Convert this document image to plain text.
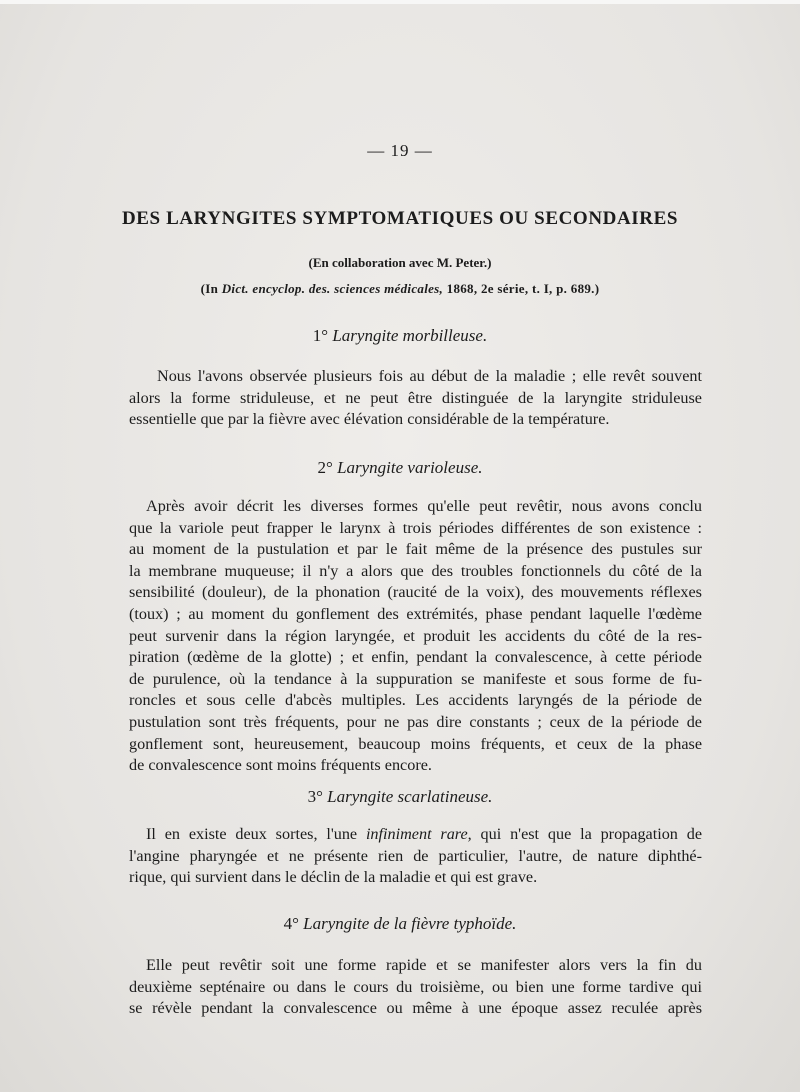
— 19 —
DES LARYNGITES SYMPTOMATIQUES OU SECONDAIRES
(En collaboration avec M. Peter.)
(In Dict. encyclop. des. sciences médicales, 1868, 2e série, t. I, p. 689.)
1° Laryngite morbilleuse.
Nous l'avons observée plusieurs fois au début de la maladie ; elle revêt souvent
alors la forme striduleuse, et ne peut être distinguée de la laryngite striduleuse
essentielle que par la fièvre avec élévation considérable de la température.
2° Laryngite varioleuse.
Après avoir décrit les diverses formes qu'elle peut revêtir, nous avons conclu
que la variole peut frapper le larynx à trois périodes différentes de son existence :
au moment de la pustulation et par le fait même de la présence des pustules sur
la membrane muqueuse; il n'y a alors que des troubles fonctionnels du côté de la
sensibilité (douleur), de la phonation (raucité de la voix), des mouvements réflexes
(toux) ; au moment du gonflement des extrémités, phase pendant laquelle l'œdème
peut survenir dans la région laryngée, et produit les accidents du côté de la res-
piration (œdème de la glotte) ; et enfin, pendant la convalescence, à cette période
de purulence, où la tendance à la suppuration se manifeste et sous forme de fu-
roncles et sous celle d'abcès multiples. Les accidents laryngés de la période de
pustulation sont très fréquents, pour ne pas dire constants ; ceux de la période de
gonflement sont, heureusement, beaucoup moins fréquents, et ceux de la phase
de convalescence sont moins fréquents encore.
3° Laryngite scarlatineuse.
Il en existe deux sortes, l'une infiniment rare, qui n'est que la propagation de
l'angine pharyngée et ne présente rien de particulier, l'autre, de nature diphthé-
rique, qui survient dans le déclin de la maladie et qui est grave.
4° Laryngite de la fièvre typhoïde.
Elle peut revêtir soit une forme rapide et se manifester alors vers la fin du
deuxième septénaire ou dans le cours du troisième, ou bien une forme tardive qui
se révèle pendant la convalescence ou même à une époque assez reculée après
